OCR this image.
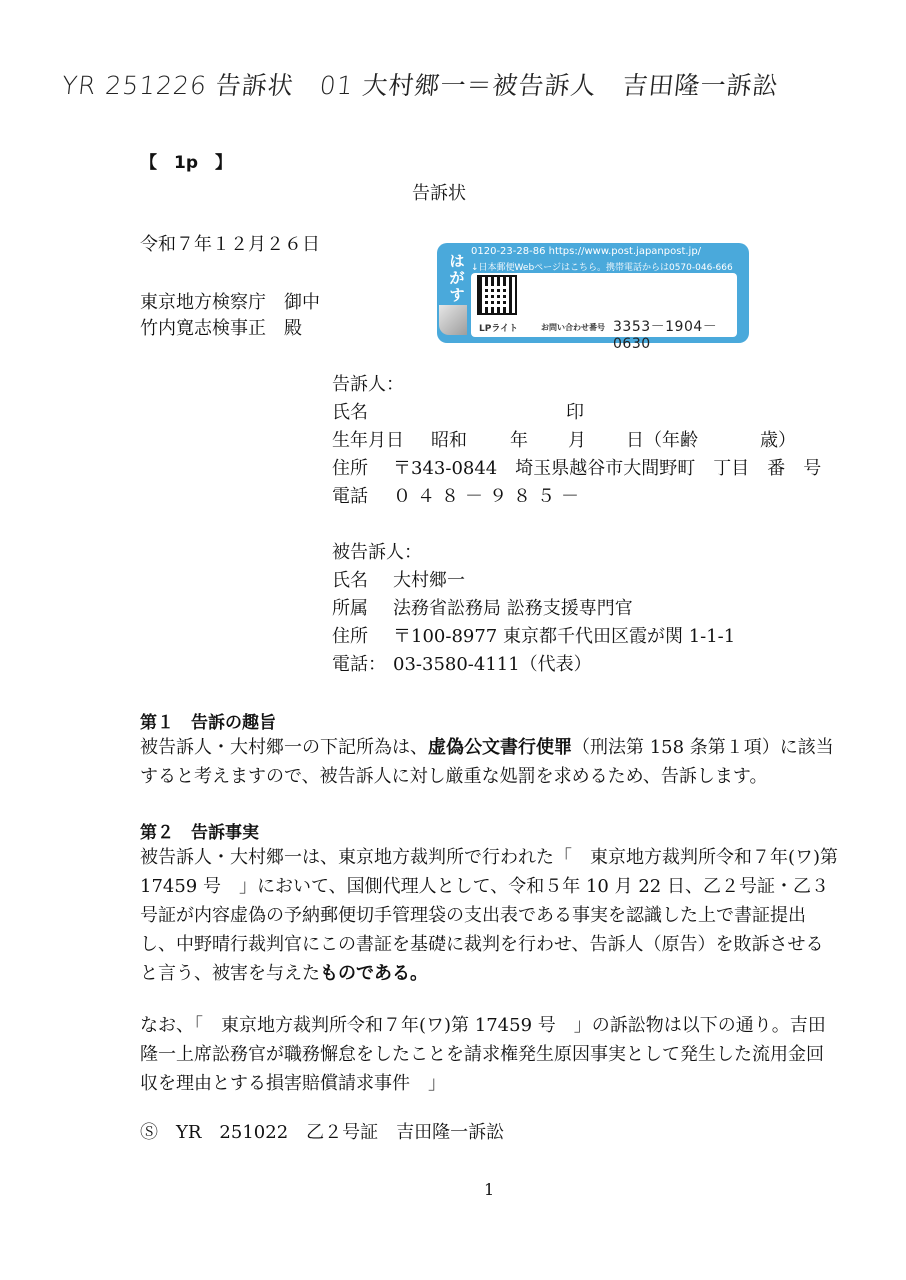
YR 251226 告訴状　01 大村郷一＝被告訴人　吉田隆一訴訟
【　1p　】
告訴状
令和７年１２月２６日
東京地方検察庁　御中
竹内寛志検事正　殿
はがす
0120-23-28-86 https://www.post.japanpost.jp/
↓日本郵便Webページはこちら。携帯電話からは0570-046-666
LPライト	お問い合わせ番号 3353－1904－0630
告訴人：
氏名	印
生年月日 昭和 年 月 日（年齢	歳）
住所 〒343-0844　埼玉県越谷市大間野町　丁目　番　号
電話 ０４８－９８５－
被告訴人：
氏名 大村郷一
所属 法務省訟務局 訟務支援専門官
住所 〒100-8977 東京都千代田区霞が関 1-1-1
電話： 03-3580-4111（代表）
第１　告訴の趣旨
被告訴人・大村郷一の下記所為は、虚偽公文書行使罪（刑法第 158 条第１項）に該当すると考えますので、被告訴人に対し厳重な処罰を求めるため、告訴します。
第２　告訴事実
被告訴人・大村郷一は、東京地方裁判所で行われた「　東京地方裁判所令和７年(ワ)第 17459 号　」において、国側代理人として、令和５年 10 月 22 日、乙２号証・乙３号証が内容虚偽の予納郵便切手管理袋の支出表である事実を認識した上で書証提出し、中野晴行裁判官にこの書証を基礎に裁判を行わせ、告訴人（原告）を敗訴させると言う、被害を与えたものである。
なお、「　東京地方裁判所令和７年(ワ)第 17459 号　」の訴訟物は以下の通り。吉田隆一上席訟務官が職務懈怠をしたことを請求権発生原因事実として発生した流用金回収を理由とする損害賠償請求事件　」
Ⓢ　YR　251022　乙２号証　吉田隆一訴訟
1
